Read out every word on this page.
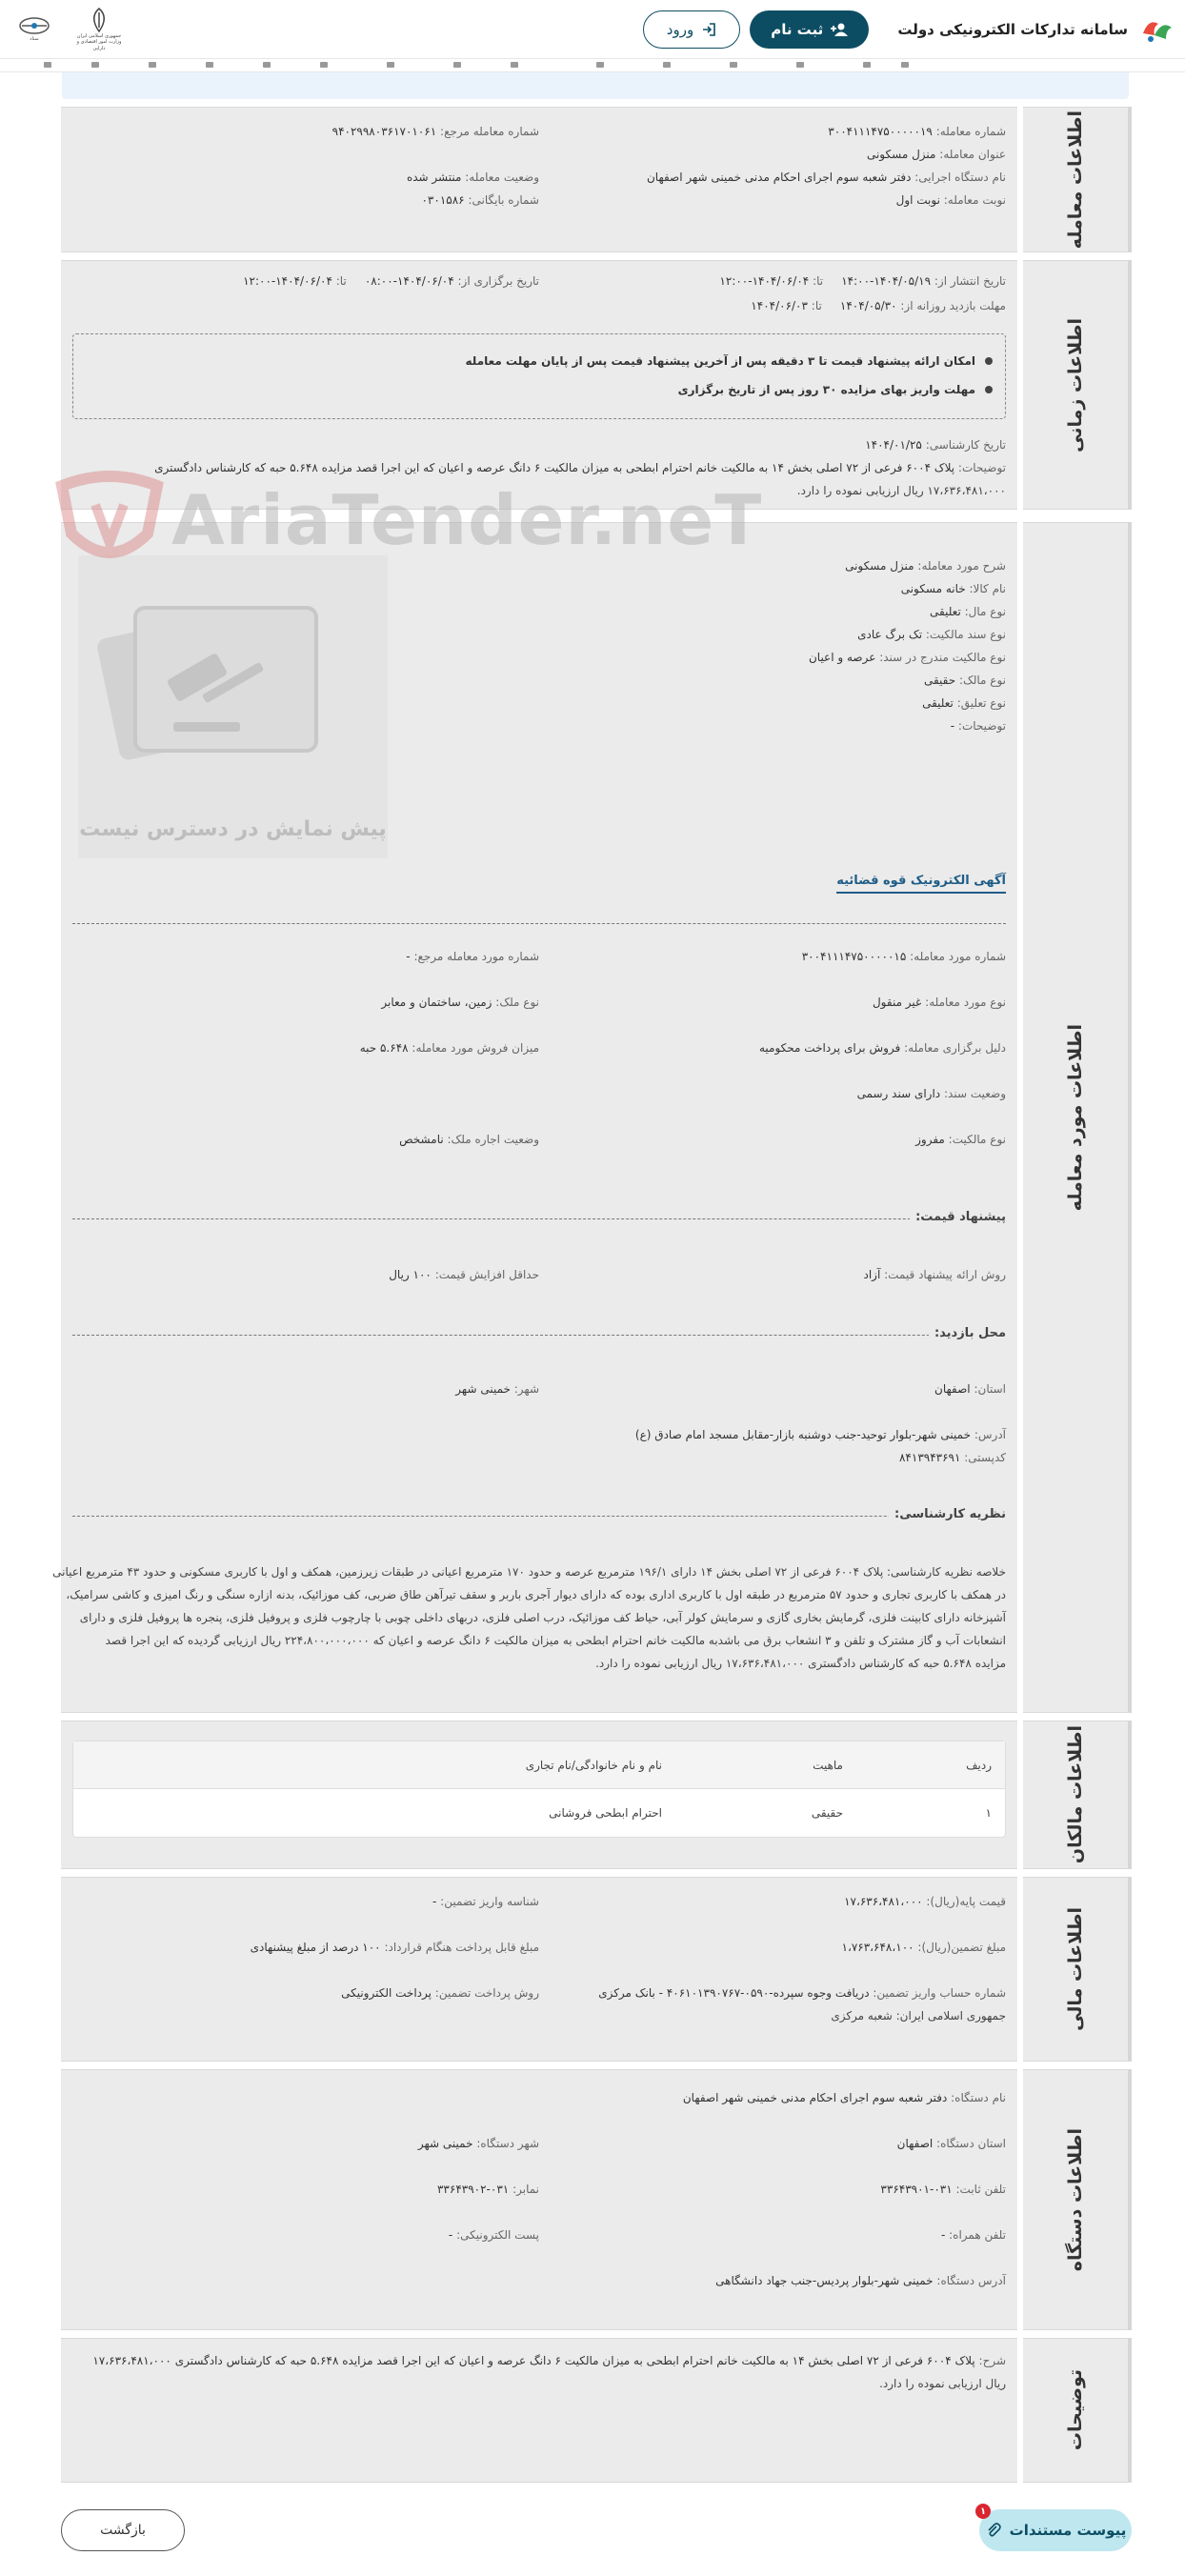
سامانه تدارکات الکترونیکی دولت
ثبت نام
ورود
جمهوری اسلامی ایران وزارت امور اقتصادی و دارایی
ستاد
اطلاعات معامله
شماره معامله: ۳۰۰۴۱۱۱۴۷۵۰۰۰۰۰۱۹
شماره معامله مرجع: ۹۴۰۲۹۹۸۰۳۶۱۷۰۱۰۶۱
عنوان معامله: منزل مسکونی
نام دستگاه اجرایی: دفتر شعبه سوم اجرای احکام مدنی خمینی شهر اصفهان
وضعیت معامله: منتشر شده
نوبت معامله: نوبت اول
شماره بایگانی: ۰۳۰۱۵۸۶
اطلاعات زمانی
تاریخ انتشار از: ۱۴۰۴/۰۵/۱۹-۱۴:۰۰     تا: ۱۴۰۴/۰۶/۰۴-۱۲:۰۰
تاریخ برگزاری از: ۱۴۰۴/۰۶/۰۴-۰۸:۰۰     تا: ۱۴۰۴/۰۶/۰۴-۱۲:۰۰
مهلت بازدید روزانه از: ۱۴۰۴/۰۵/۳۰     تا: ۱۴۰۴/۰۶/۰۳
امکان ارائه پیشنهاد قیمت تا ۳ دقیقه پس از آخرین پیشنهاد قیمت پس از پایان مهلت معامله
مهلت واریز بهای مزایده ۳۰ روز پس از تاریخ برگزاری
تاریخ کارشناسی: ۱۴۰۴/۰۱/۲۵
توضیحات: پلاک ۶۰۰۴ فرعی از ۷۲ اصلی بخش ۱۴ به مالکیت خانم احترام ابطحی به میزان مالکیت ۶ دانگ عرصه و اعیان که این اجرا قصد مزایده ۵.۶۴۸ حبه که کارشناس دادگستری
۱۷،۶۳۶،۴۸۱،۰۰۰ ریال ارزیابی نموده را دارد.
اطلاعات مورد معامله
شرح مورد معامله: منزل مسکونی
نام کالا: خانه مسکونی
نوع مال: تعلیقی
نوع سند مالکیت: تک برگ عادی
نوع مالکیت مندرج در سند: عرصه و اعیان
نوع مالک: حقیقی
نوع تعلیق: تعلیقی
توضیحات: -
پیش نمایش در دسترس نیست
آگهی الکترونیک قوه قضائیه
شماره مورد معامله: ۳۰۰۴۱۱۱۴۷۵۰۰۰۰۰۱۵
شماره مورد معامله مرجع: -
نوع مورد معامله: غیر منقول
نوع ملک: زمین، ساختمان و معابر
دلیل برگزاری معامله: فروش برای پرداخت محکومیه
میزان فروش مورد معامله: ۵.۶۴۸ حبه
وضعیت سند: دارای سند رسمی
نوع مالکیت: مفروز
وضعیت اجاره ملک: نامشخص
پیشنهاد قیمت:
روش ارائه پیشنهاد قیمت: آزاد
حداقل افزایش قیمت: ۱۰۰ ریال
محل بازدید:
استان: اصفهان
شهر: خمینی شهر
آدرس: خمینی شهر-بلوار توحید-جنب دوشنبه بازار-مقابل مسجد امام صادق (ع)
کدپستی: ۸۴۱۳۹۴۳۶۹۱
نظریه کارشناسی:
خلاصه نظریه کارشناسی: پلاک ۶۰۰۴ فرعی از ۷۲ اصلی بخش ۱۴ دارای ۱۹۶/۱ مترمربع عرصه و حدود ۱۷۰ مترمربع اعیانی در طبقات زیرزمین، همکف و اول با کاربری مسکونی و حدود ۴۳ مترمربع اعیانی
در همکف با کاربری تجاری و حدود ۵۷ مترمربع در طبقه اول با کاربری اداری بوده که دارای دیوار آجری باربر و سقف تیرآهن طاق ضربی، کف موزائیک، بدنه ازاره سنگی و رنگ امیزی و کاشی سرامیک،
آشپزخانه دارای کابینت فلزی، گرمایش بخاری گازی و سرمایش کولر آبی، حیاط کف موزائیک، درب اصلی فلزی، دربهای داخلی چوبی با چارچوب فلزی و پروفیل فلزی، پنجره ها پروفیل فلزی و دارای
انشعابات آب و گاز مشترک و تلفن و ۳ انشعاب برق می باشدبه مالکیت خانم احترام ابطحی به میزان مالکیت ۶ دانگ عرصه و اعیان که ۲۲۴،۸۰۰،۰۰۰،۰۰۰ ریال ارزیابی گردیده که این اجرا قصد
مزایده ۵.۶۴۸ حبه که کارشناس دادگستری ۱۷،۶۳۶،۴۸۱،۰۰۰ ریال ارزیابی نموده را دارد.
AriaTender.neT
اطلاعات مالکان
ردیف
ماهیت
نام و نام خانوادگی/نام تجاری
۱
حقیقی
احترام ابطحی فروشانی
اطلاعات مالی
قیمت پایه(ریال): ۱۷،۶۳۶،۴۸۱،۰۰۰
شناسه واریز تضمین: -
مبلغ تضمین(ریال): ۱،۷۶۳،۶۴۸،۱۰۰
مبلغ قابل پرداخت هنگام قرارداد: ۱۰۰ درصد از مبلغ پیشنهادی
شماره حساب واریز تضمین: دریافت وجوه سپرده-۰۵۹۰-۴۰۶۱۰۱۳۹۰۷۶۷ - بانک مرکزی
جمهوری اسلامی ایران: شعبه مرکزی
روش پرداخت تضمین: پرداخت الکترونیکی
اطلاعات دستگاه
نام دستگاه: دفتر شعبه سوم اجرای احکام مدنی خمینی شهر اصفهان
استان دستگاه: اصفهان
شهر دستگاه: خمینی شهر
تلفن ثابت: ۰۳۱-۳۳۶۴۳۹۰۱
نمابر: ۰۳۱-۳۳۶۴۳۹۰۲
تلفن همراه: -
پست الکترونیکی: -
آدرس دستگاه: خمینی شهر-بلوار پردیس-جنب جهاد دانشگاهی
توضیحات
شرح: پلاک ۶۰۰۴ فرعی از ۷۲ اصلی بخش ۱۴ به مالکیت خانم احترام ابطحی به میزان مالکیت ۶ دانگ عرصه و اعیان که این اجرا قصد مزایده ۵.۶۴۸ حبه که کارشناس دادگستری ۱۷،۶۳۶،۴۸۱،۰۰۰
ریال ارزیابی نموده را دارد.
پیوست مستندات
۱
بازگشت
